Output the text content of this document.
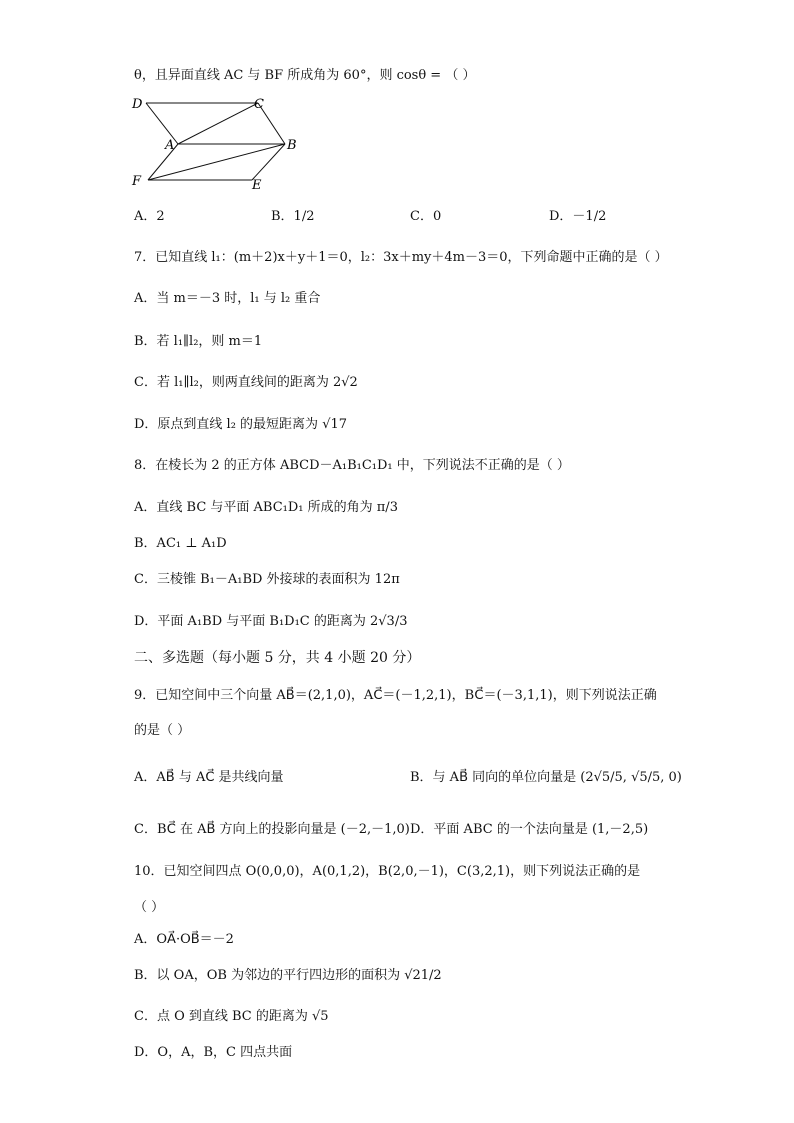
θ，且异面直线 AC 与 BF 所成角为 60°，则 cosθ = （ ）
D	C
A	B
F	E
A．2	B．1/2	C．0	D．－1/2
7．已知直线 l₁：(m＋2)x＋y＋1＝0，l₂：3x＋my＋4m－3＝0，下列命题中正确的是（ ）
A．当 m＝－3 时，l₁ 与 l₂ 重合
B．若 l₁∥l₂，则 m＝1
C．若 l₁∥l₂，则两直线间的距离为 2√2
D．原点到直线 l₂ 的最短距离为 √17
8．在棱长为 2 的正方体 ABCD－A₁B₁C₁D₁ 中，下列说法不正确的是（ ）
A．直线 BC 与平面 ABC₁D₁ 所成的角为 π/3
B．AC₁ ⊥ A₁D
C．三棱锥 B₁－A₁BD 外接球的表面积为 12π
D．平面 A₁BD 与平面 B₁D₁C 的距离为 2√3/3
二、多选题（每小题 5 分，共 4 小题 20 分）
9．已知空间中三个向量 AB⃗＝(2,1,0)，AC⃗＝(－1,2,1)，BC⃗＝(－3,1,1)，则下列说法正确
的是（ ）
A．AB⃗ 与 AC⃗ 是共线向量	B．与 AB⃗ 同向的单位向量是 (2√5/5, √5/5, 0)
C．BC⃗ 在 AB⃗ 方向上的投影向量是 (－2,－1,0) D．平面 ABC 的一个法向量是 (1,－2,5)
10．已知空间四点 O(0,0,0)，A(0,1,2)，B(2,0,－1)，C(3,2,1)，则下列说法正确的是
（ ）
A．OA⃗·OB⃗＝－2
B．以 OA，OB 为邻边的平行四边形的面积为 √21/2
C．点 O 到直线 BC 的距离为 √5
D．O，A，B，C 四点共面
